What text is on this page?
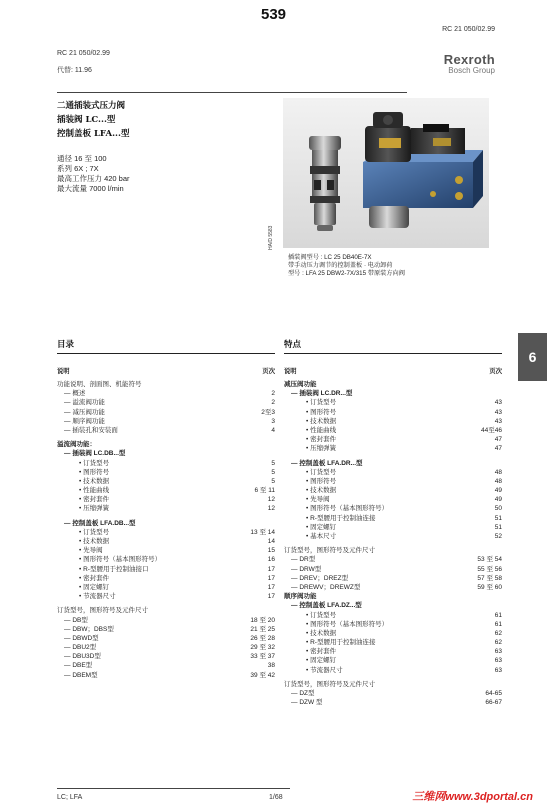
539
RC 21 050/02.99
RC 21 050/02.99
代替: 11.96
Rexroth
Bosch Group
二通插装式压力阀
插装阀 LC...型
控制盖板 LFA...型
通径 16 至 100
系列 6X ; 7X
最高工作压力 420 bar
最大流量 7000 l/min
HA/D 5583
插装阀型号 : LC 25 DB40E-7X
带手动压力调节的控制盖板 · 电动卸荷
型号 : LFA 25 DBW2-7X/315 带原装方向阀
6
目录
说明	页次
功能说明、剖面图、机能符号
— 概述	2
— 溢流阀功能	2
— 减压阀功能	2至3
— 顺序阀功能	3
— 插装孔和安装面	4
溢流阀功能：
— 插装阀 LC.DB...型
• 订货型号	5
• 图形符号	5
• 技术数据	5
• 性能曲线	6 至 11
• 密封套件	12
• 压缩弹簧	12
— 控制盖板 LFA.DB...型
• 订货型号	13 至 14
• 技术数据	14
• 先导阀	15
• 图形符号（基本图形符号）	16
• R-型腰用于控制油接口	17
• 密封套件	17
• 固定螺钉	17
• 节流器尺寸	17
订货型号，图形符号及元件尺寸
— DB型	18 至 20
— DBW；DBS型	21 至 25
— DBWD型	26 至 28
— DBU2型	29 至 32
— DBU3D型	33 至 37
— DBE型	38
— DBEM型	39 至 42
特点
说明	页次
减压阀功能
— 插装阀 LC.DR...型
• 订货型号	43
• 图形符号	43
• 技术数据	43
• 性能曲线	44至46
• 密封套件	47
• 压缩弹簧	47
— 控制盖板 LFA.DR...型
• 订货型号	48
• 图形符号	48
• 技术数据	49
• 先导阀	49
• 图形符号（基本图形符号）	50
• R-型腰用于控制油连接	51
• 固定螺钉	51
• 基本尺寸	52
订货型号，图形符号及元件尺寸
— DR型	53 至 54
— DRW型	55 至 56
— DREV；DREZ型	57 至 58
— DREWV；DREWZ型	59 至 60
顺序阀功能
— 控制盖板 LFA.DZ...型
• 订货型号	61
• 图形符号（基本图形符号）	61
• 技术数据	62
• R-型腰用于控制油连接	62
• 密封套件	63
• 固定螺钉	63
• 节流器尺寸	63
订货型号，图形符号及元件尺寸
— DZ型	64-65
— DZW 型	66-67
LC; LFA	1/68	三维网www.3dportal.cn
